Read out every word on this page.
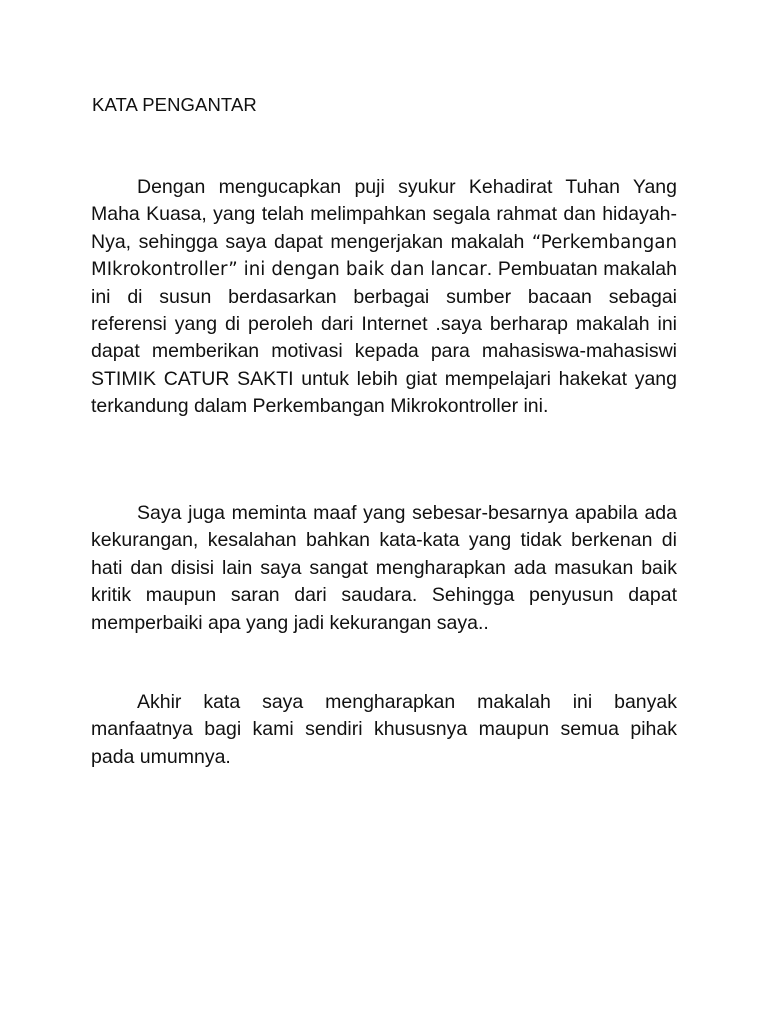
KATA PENGANTAR

Dengan mengucapkan puji syukur Kehadirat Tuhan Yang Maha Kuasa, yang telah melimpahkan segala rahmat dan hidayah-Nya, sehingga saya dapat mengerjakan makalah “Perkembangan MIkrokontroller” ini dengan baik dan lancar. Pembuatan makalah ini di susun berdasarkan berbagai sumber bacaan sebagai referensi yang di peroleh dari Internet .saya berharap makalah ini dapat memberikan motivasi kepada para mahasiswa-mahasiswi STIMIK CATUR SAKTI untuk lebih giat mempelajari hakekat yang terkandung dalam Perkembangan Mikrokontroller ini.

Saya juga meminta maaf yang sebesar-besarnya apabila ada kekurangan, kesalahan bahkan kata-kata yang tidak berkenan di hati dan disisi lain saya sangat mengharapkan ada masukan baik kritik maupun saran dari saudara. Sehingga penyusun dapat memperbaiki apa yang jadi kekurangan saya..

Akhir kata saya mengharapkan makalah ini banyak manfaatnya bagi kami sendiri khususnya maupun semua pihak pada umumnya.
